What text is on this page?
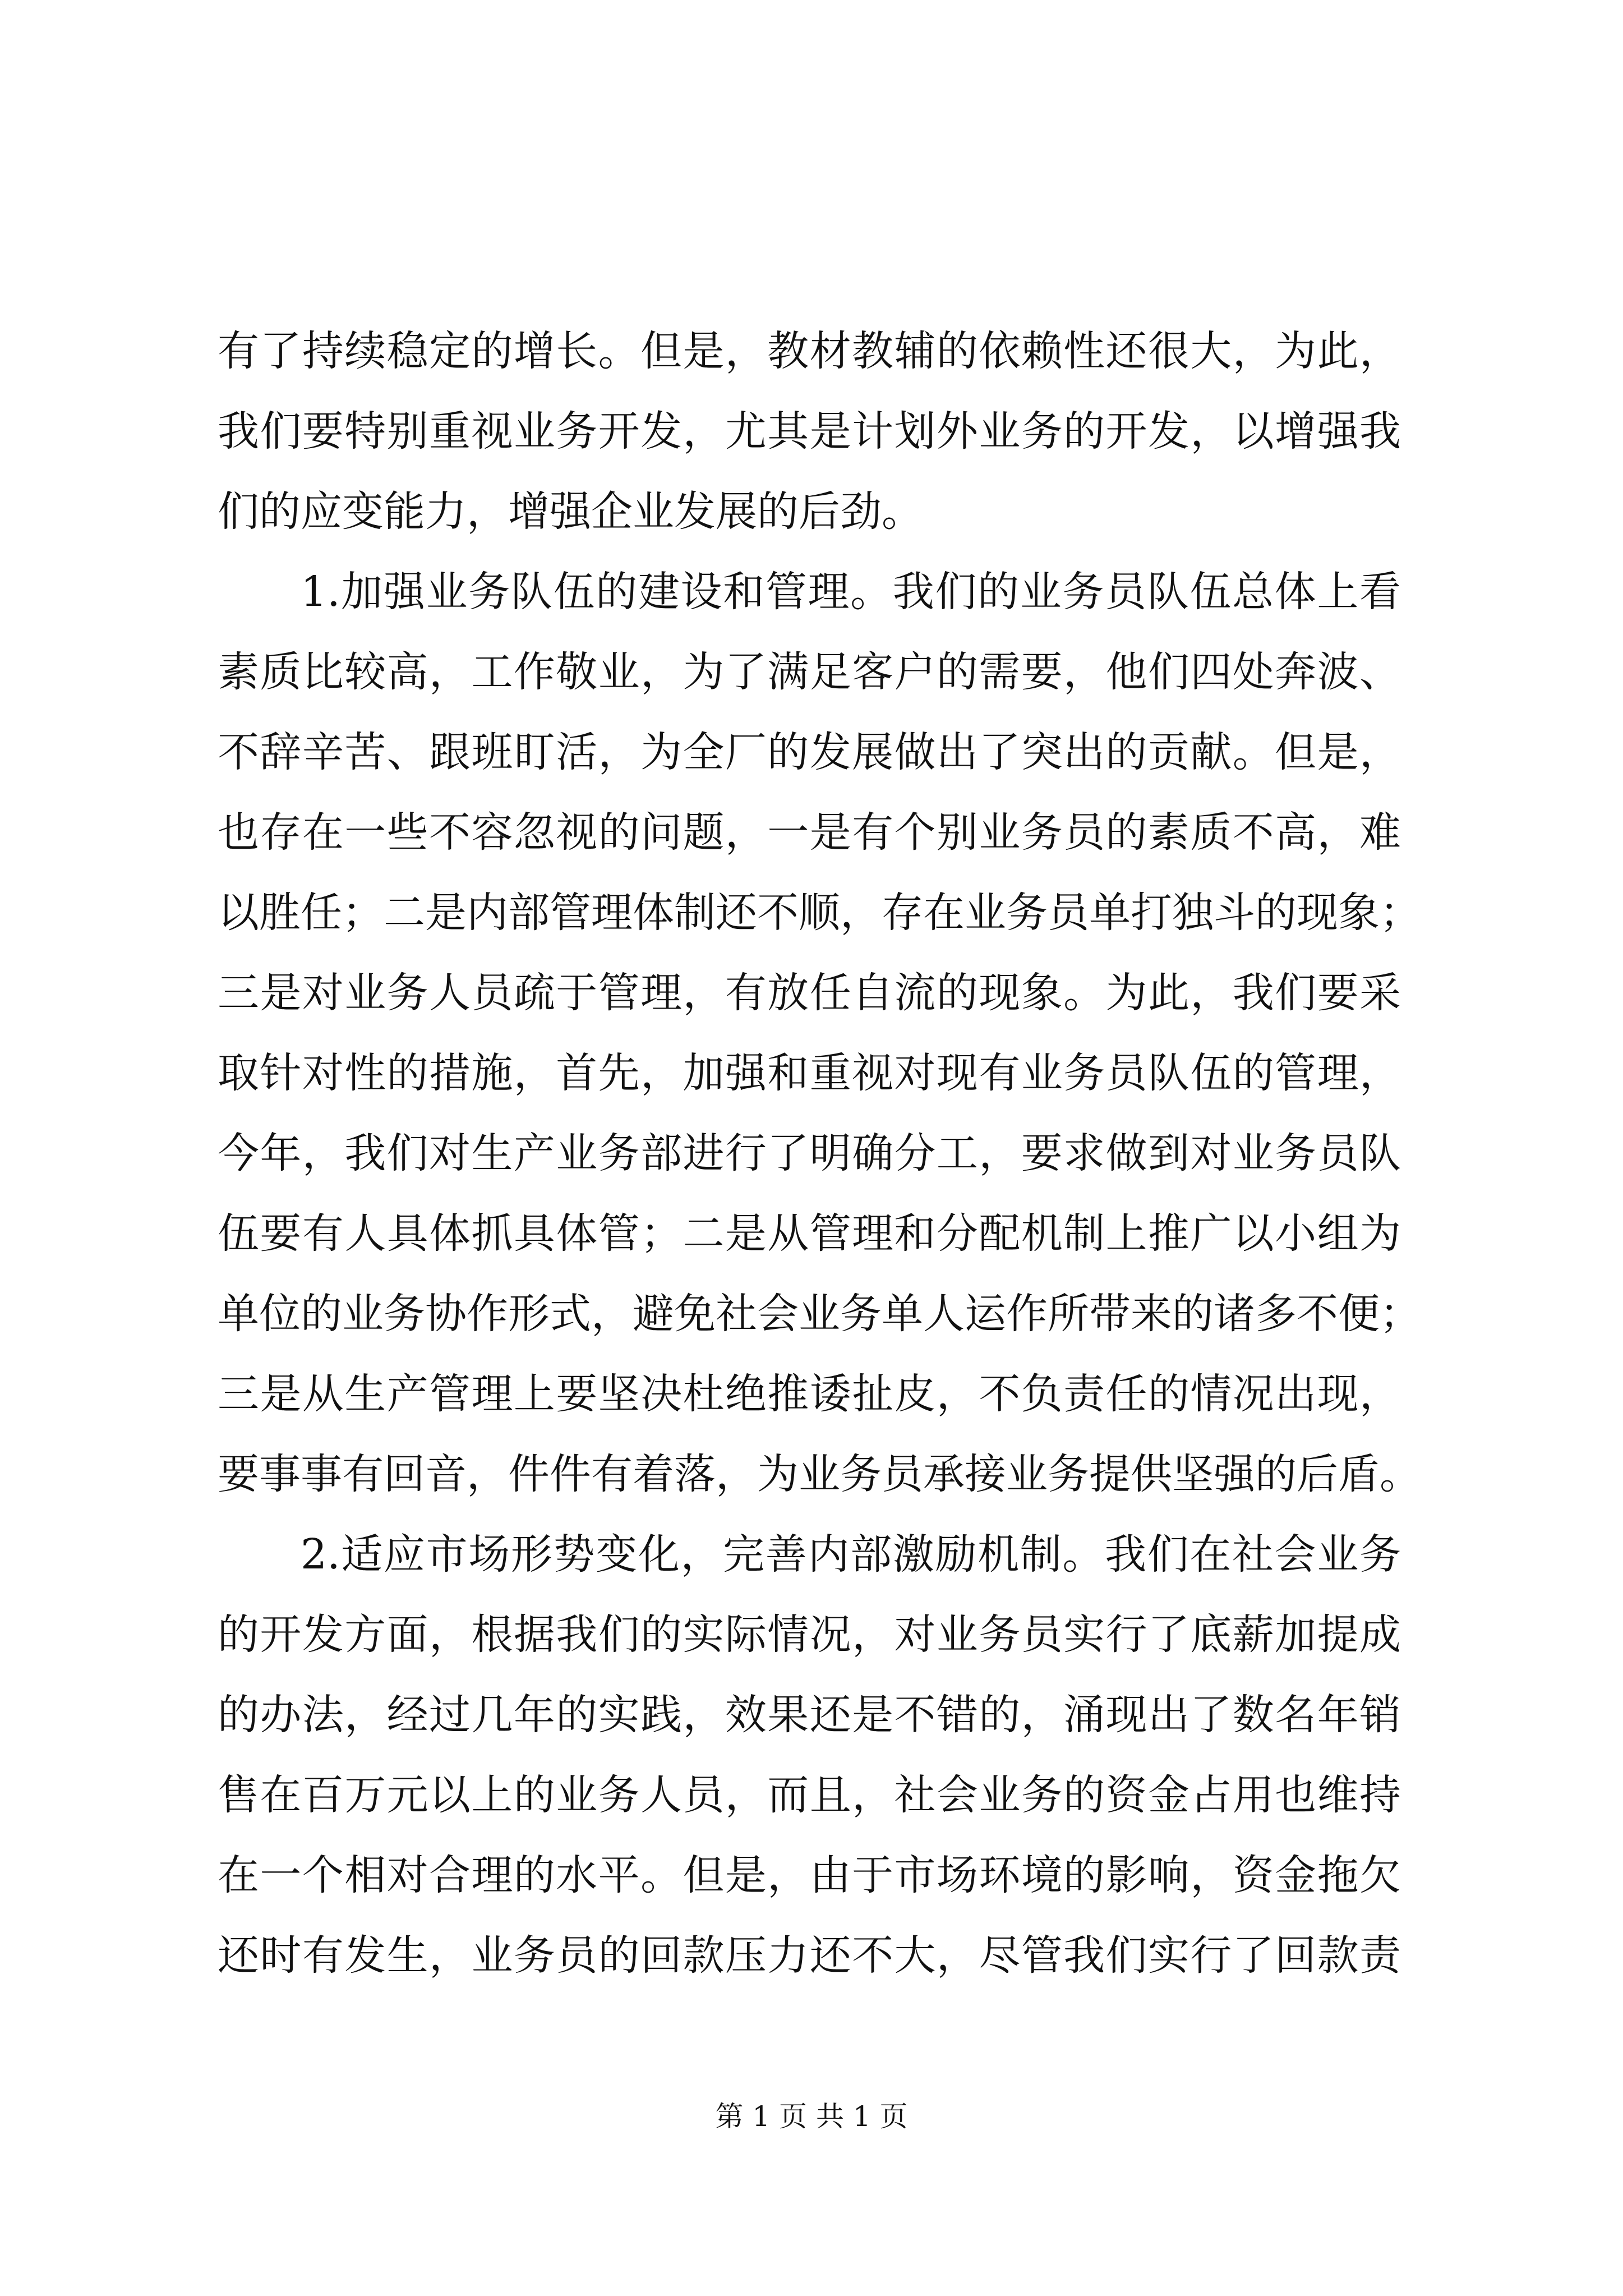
有了持续稳定的增长。但是，教材教辅的依赖性还很大，为此，
我们要特别重视业务开发，尤其是计划外业务的开发，以增强我
们的应变能力，增强企业发展的后劲。
1.加强业务队伍的建设和管理。我们的业务员队伍总体上看
素质比较高，工作敬业，为了满足客户的需要，他们四处奔波、
不辞辛苦、跟班盯活，为全厂的发展做出了突出的贡献。但是，
也存在一些不容忽视的问题，一是有个别业务员的素质不高，难
以胜任；二是内部管理体制还不顺，存在业务员单打独斗的现象；
三是对业务人员疏于管理，有放任自流的现象。为此，我们要采
取针对性的措施，首先，加强和重视对现有业务员队伍的管理，
今年，我们对生产业务部进行了明确分工，要求做到对业务员队
伍要有人具体抓具体管；二是从管理和分配机制上推广以小组为
单位的业务协作形式，避免社会业务单人运作所带来的诸多不便；
三是从生产管理上要坚决杜绝推诿扯皮，不负责任的情况出现，
要事事有回音，件件有着落，为业务员承接业务提供坚强的后盾。
2.适应市场形势变化，完善内部激励机制。我们在社会业务
的开发方面，根据我们的实际情况，对业务员实行了底薪加提成
的办法，经过几年的实践，效果还是不错的，涌现出了数名年销
售在百万元以上的业务人员，而且，社会业务的资金占用也维持
在一个相对合理的水平。但是，由于市场环境的影响，资金拖欠
还时有发生，业务员的回款压力还不大，尽管我们实行了回款责
第 1 页 共 1 页
